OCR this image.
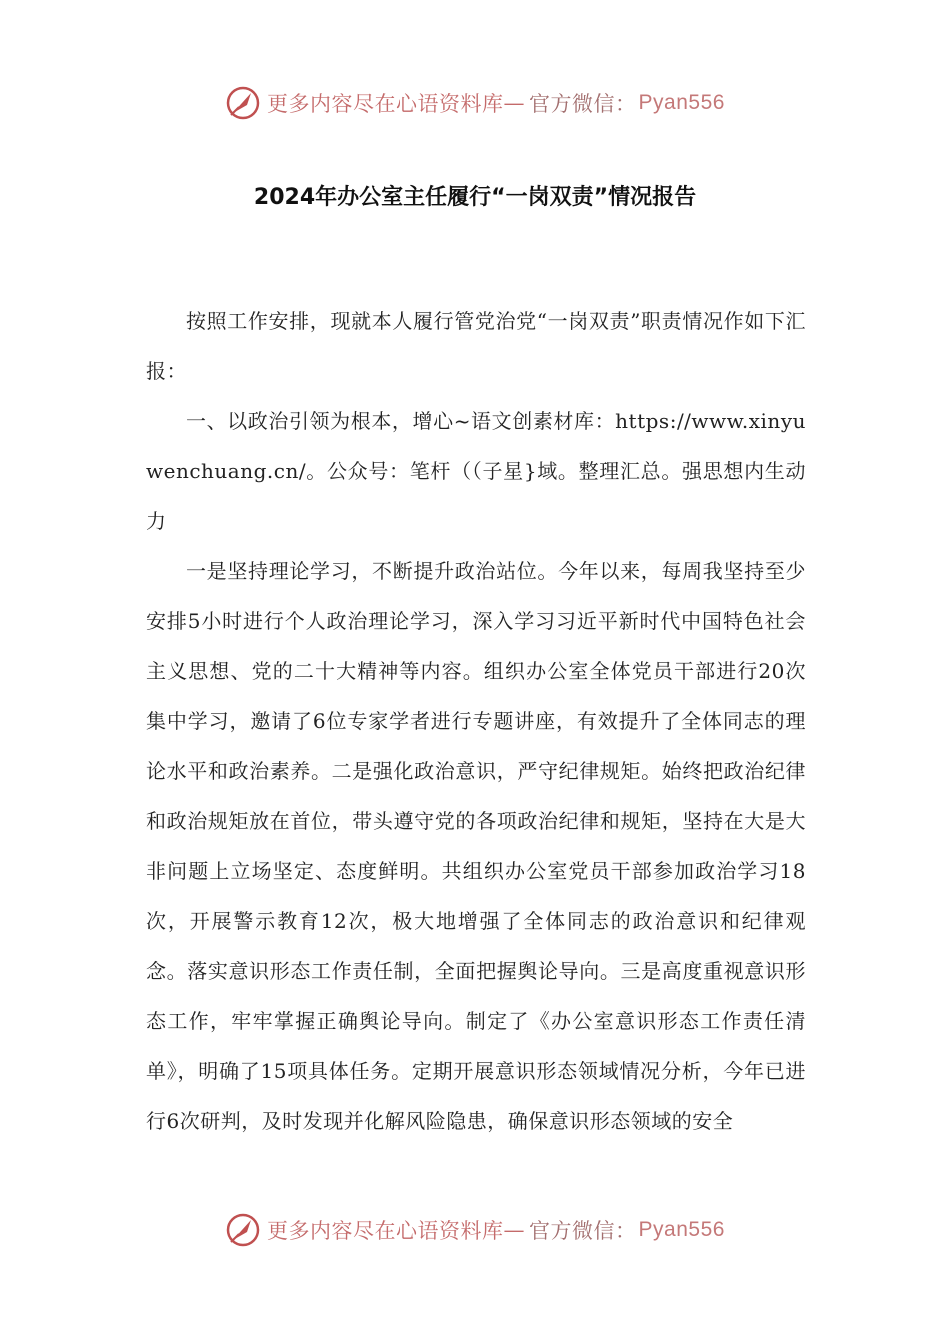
更多内容尽在心语资料库 — 官方微信： Pyan556
2024年办公室主任履行“一岗双责”情况报告

按照工作安排，现就本人履行管党治党“一岗双责”职责情况作如下汇报：

一、以政治引领为根本，增心~语文创素材库：https://www.xinyuwenchuang.cn/。公众号：笔杆（（子星}域。整理汇总。强思想内生动力

一是坚持理论学习，不断提升政治站位。今年以来，每周我坚持至少安排5小时进行个人政治理论学习，深入学习习近平新时代中国特色社会主义思想、党的二十大精神等内容。组织办公室全体党员干部进行20次集中学习，邀请了6位专家学者进行专题讲座，有效提升了全体同志的理论水平和政治素养。二是强化政治意识，严守纪律规矩。始终把政治纪律和政治规矩放在首位，带头遵守党的各项政治纪律和规矩，坚持在大是大非问题上立场坚定、态度鲜明。共组织办公室党员干部参加政治学习18次，开展警示教育12次，极大地增强了全体同志的政治意识和纪律观念。落实意识形态工作责任制，全面把握舆论导向。三是高度重视意识形态工作，牢牢掌握正确舆论导向。制定了《办公室意识形态工作责任清单》，明确了15项具体任务。定期开展意识形态领域情况分析，今年已进行6次研判，及时发现并化解风险隐患，确保意识形态领域的安全

更多内容尽在心语资料库 — 官方微信： Pyan556
